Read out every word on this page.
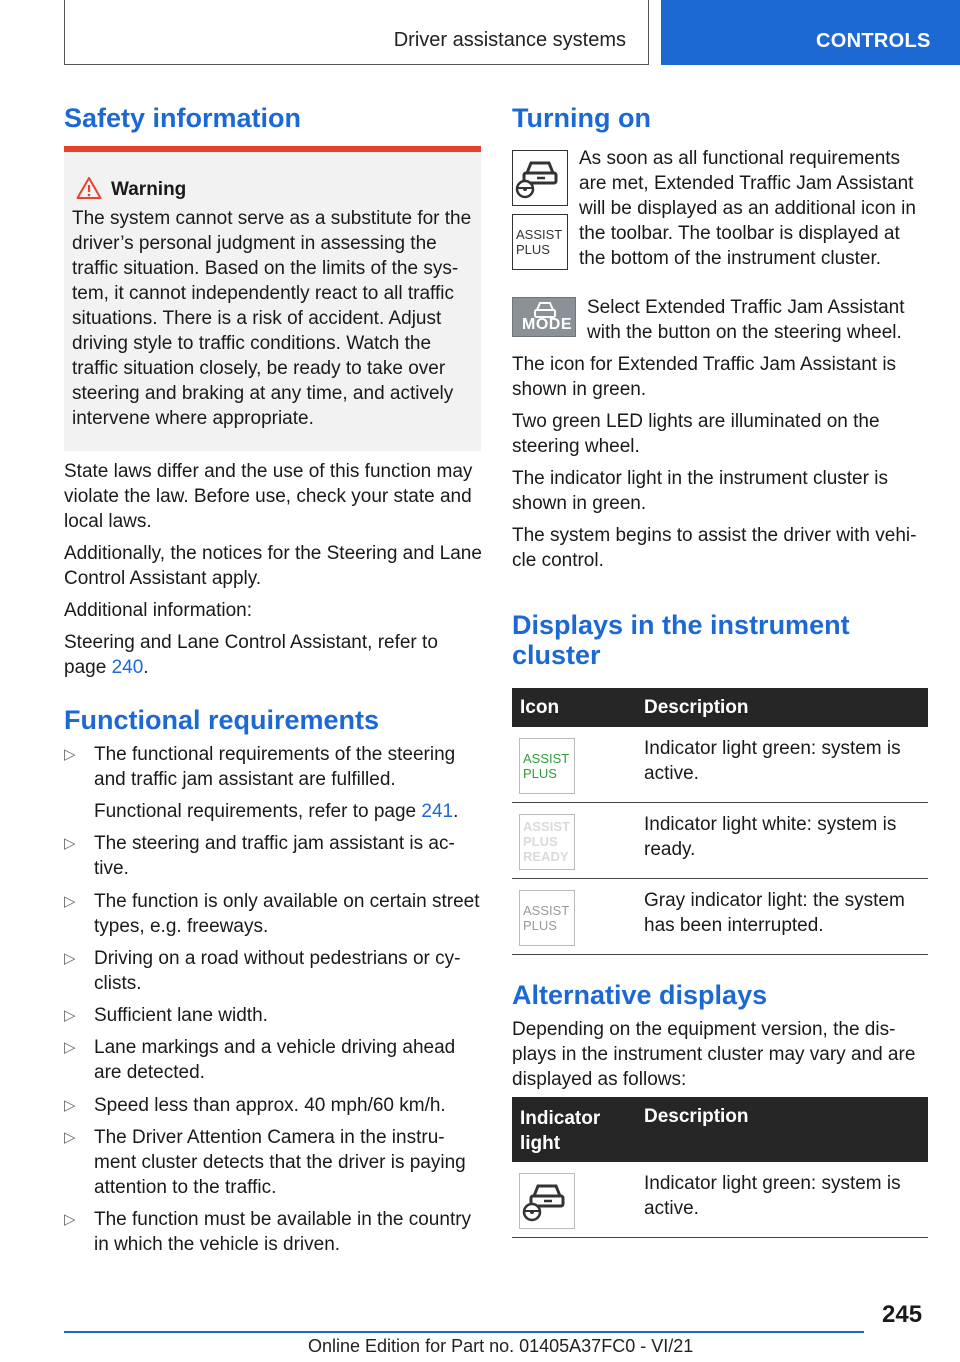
Driver assistance systems	CONTROLS
Safety information
Warning
The system cannot serve as a substitute for the driver’s personal judgment in assessing the traffic situation. Based on the limits of the sys-tem, it cannot independently react to all traffic situations. There is a risk of accident. Adjust driving style to traffic conditions. Watch the traffic situation closely, be ready to take over steering and braking at any time, and actively intervene where appropriate.
State laws differ and the use of this function may violate the law. Before use, check your state and local laws.
Additionally, the notices for the Steering and Lane Control Assistant apply.
Additional information:
Steering and Lane Control Assistant, refer to page 240.
Functional requirements
▷ The functional requirements of the steering and traffic jam assistant are fulfilled.
Functional requirements, refer to page 241.
▷ The steering and traffic jam assistant is ac-tive.
▷ The function is only available on certain street types, e.g. freeways.
▷ Driving on a road without pedestrians or cy-clists.
▷ Sufficient lane width.
▷ Lane markings and a vehicle driving ahead are detected.
▷ Speed less than approx. 40 mph/60 km/h.
▷ The Driver Attention Camera in the instru-ment cluster detects that the driver is paying attention to the traffic.
▷ The function must be available in the country in which the vehicle is driven.
Turning on
ASSIST
PLUS
As soon as all functional requirements are met, Extended Traffic Jam Assistant will be displayed as an additional icon in the toolbar. The toolbar is displayed at the bottom of the instrument cluster.
MODE
Select Extended Traffic Jam Assistant with the button on the steering wheel.
The icon for Extended Traffic Jam Assistant is shown in green.
Two green LED lights are illuminated on the steering wheel.
The indicator light in the instrument cluster is shown in green.
The system begins to assist the driver with vehi-cle control.
Displays in the instrument
cluster
Icon	Description
ASSIST
PLUS
Indicator light green: system is active.
ASSIST
PLUS
READY
Indicator light white: system is ready.
ASSIST
PLUS
Gray indicator light: the system has been interrupted.
Alternative displays
Depending on the equipment version, the dis-plays in the instrument cluster may vary and are displayed as follows:
Indicator
light
Description
Indicator light green: system is active.
245
Online Edition for Part no. 01405A37FC0 - VI/21
